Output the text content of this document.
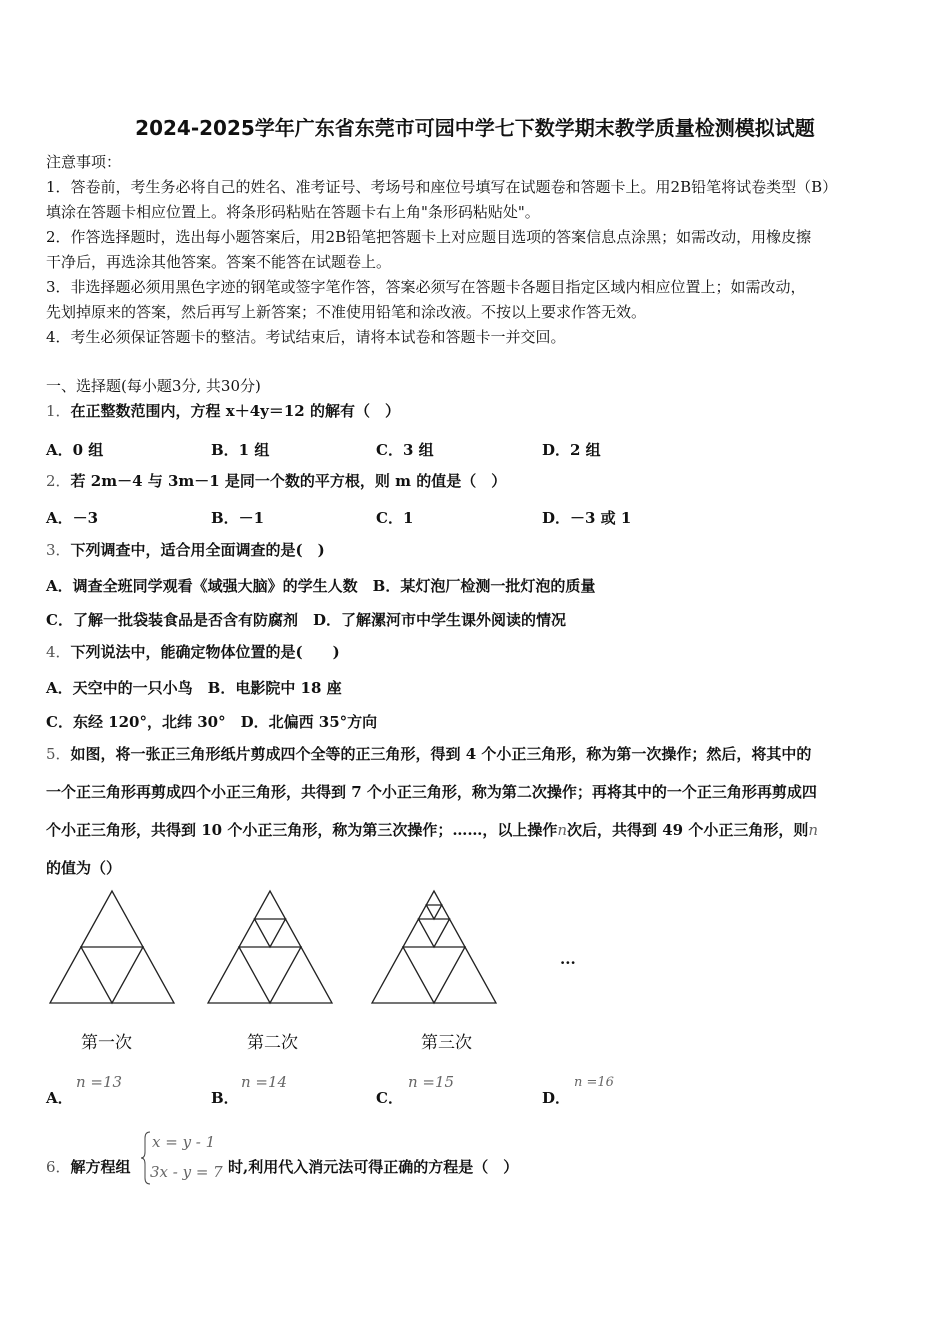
2024-2025学年广东省东莞市可园中学七下数学期末教学质量检测模拟试题
注意事项：
1．答卷前，考生务必将自己的姓名、准考证号、考场号和座位号填写在试题卷和答题卡上。用2B铅笔将试卷类型（B）
填涂在答题卡相应位置上。将条形码粘贴在答题卡右上角"条形码粘贴处"。
2．作答选择题时，选出每小题答案后，用2B铅笔把答题卡上对应题目选项的答案信息点涂黑；如需改动，用橡皮擦
干净后，再选涂其他答案。答案不能答在试题卷上。
3．非选择题必须用黑色字迹的钢笔或签字笔作答，答案必须写在答题卡各题目指定区域内相应位置上；如需改动，
先划掉原来的答案，然后再写上新答案；不准使用铅笔和涂改液。不按以上要求作答无效。
4．考生必须保证答题卡的整洁。考试结束后，请将本试卷和答题卡一并交回。
一、选择题(每小题3分, 共30分)
1．在正整数范围内，方程 x＋4y＝12 的解有（　）
A．0 组	B．1 组	C．3 组	D．2 组
2．若 2m－4 与 3m－1 是同一个数的平方根，则 m 的值是（　）
A．－3	B．－1	C．1	D．－3 或 1
3．下列调查中，适合用全面调查的是(　)
A．调查全班同学观看《域强大脑》的学生人数　B．某灯泡厂检测一批灯泡的质量
C．了解一批袋装食品是否含有防腐剂　D．了解漯河市中学生课外阅读的情况
4．下列说法中，能确定物体位置的是(　　)
A．天空中的一只小鸟　B．电影院中 18 座
C．东经 120°，北纬 30°　D．北偏西 35°方向
5．如图，将一张正三角形纸片剪成四个全等的正三角形，得到 4 个小正三角形，称为第一次操作；然后，将其中的
一个正三角形再剪成四个小正三角形，共得到 7 个小正三角形，称为第二次操作；再将其中的一个正三角形再剪成四
个小正三角形，共得到 10 个小正三角形，称为第三次操作；……，以上操作n次后，共得到 49 个小正三角形，则n
的值为（）
...
第一次	第二次	第三次
A．
n =13
B．
n =14
C．
n =15
D．
n =16
6．解方程组
x = y - 1
3x - y = 7 时,利用代入消元法可得正确的方程是（　）
